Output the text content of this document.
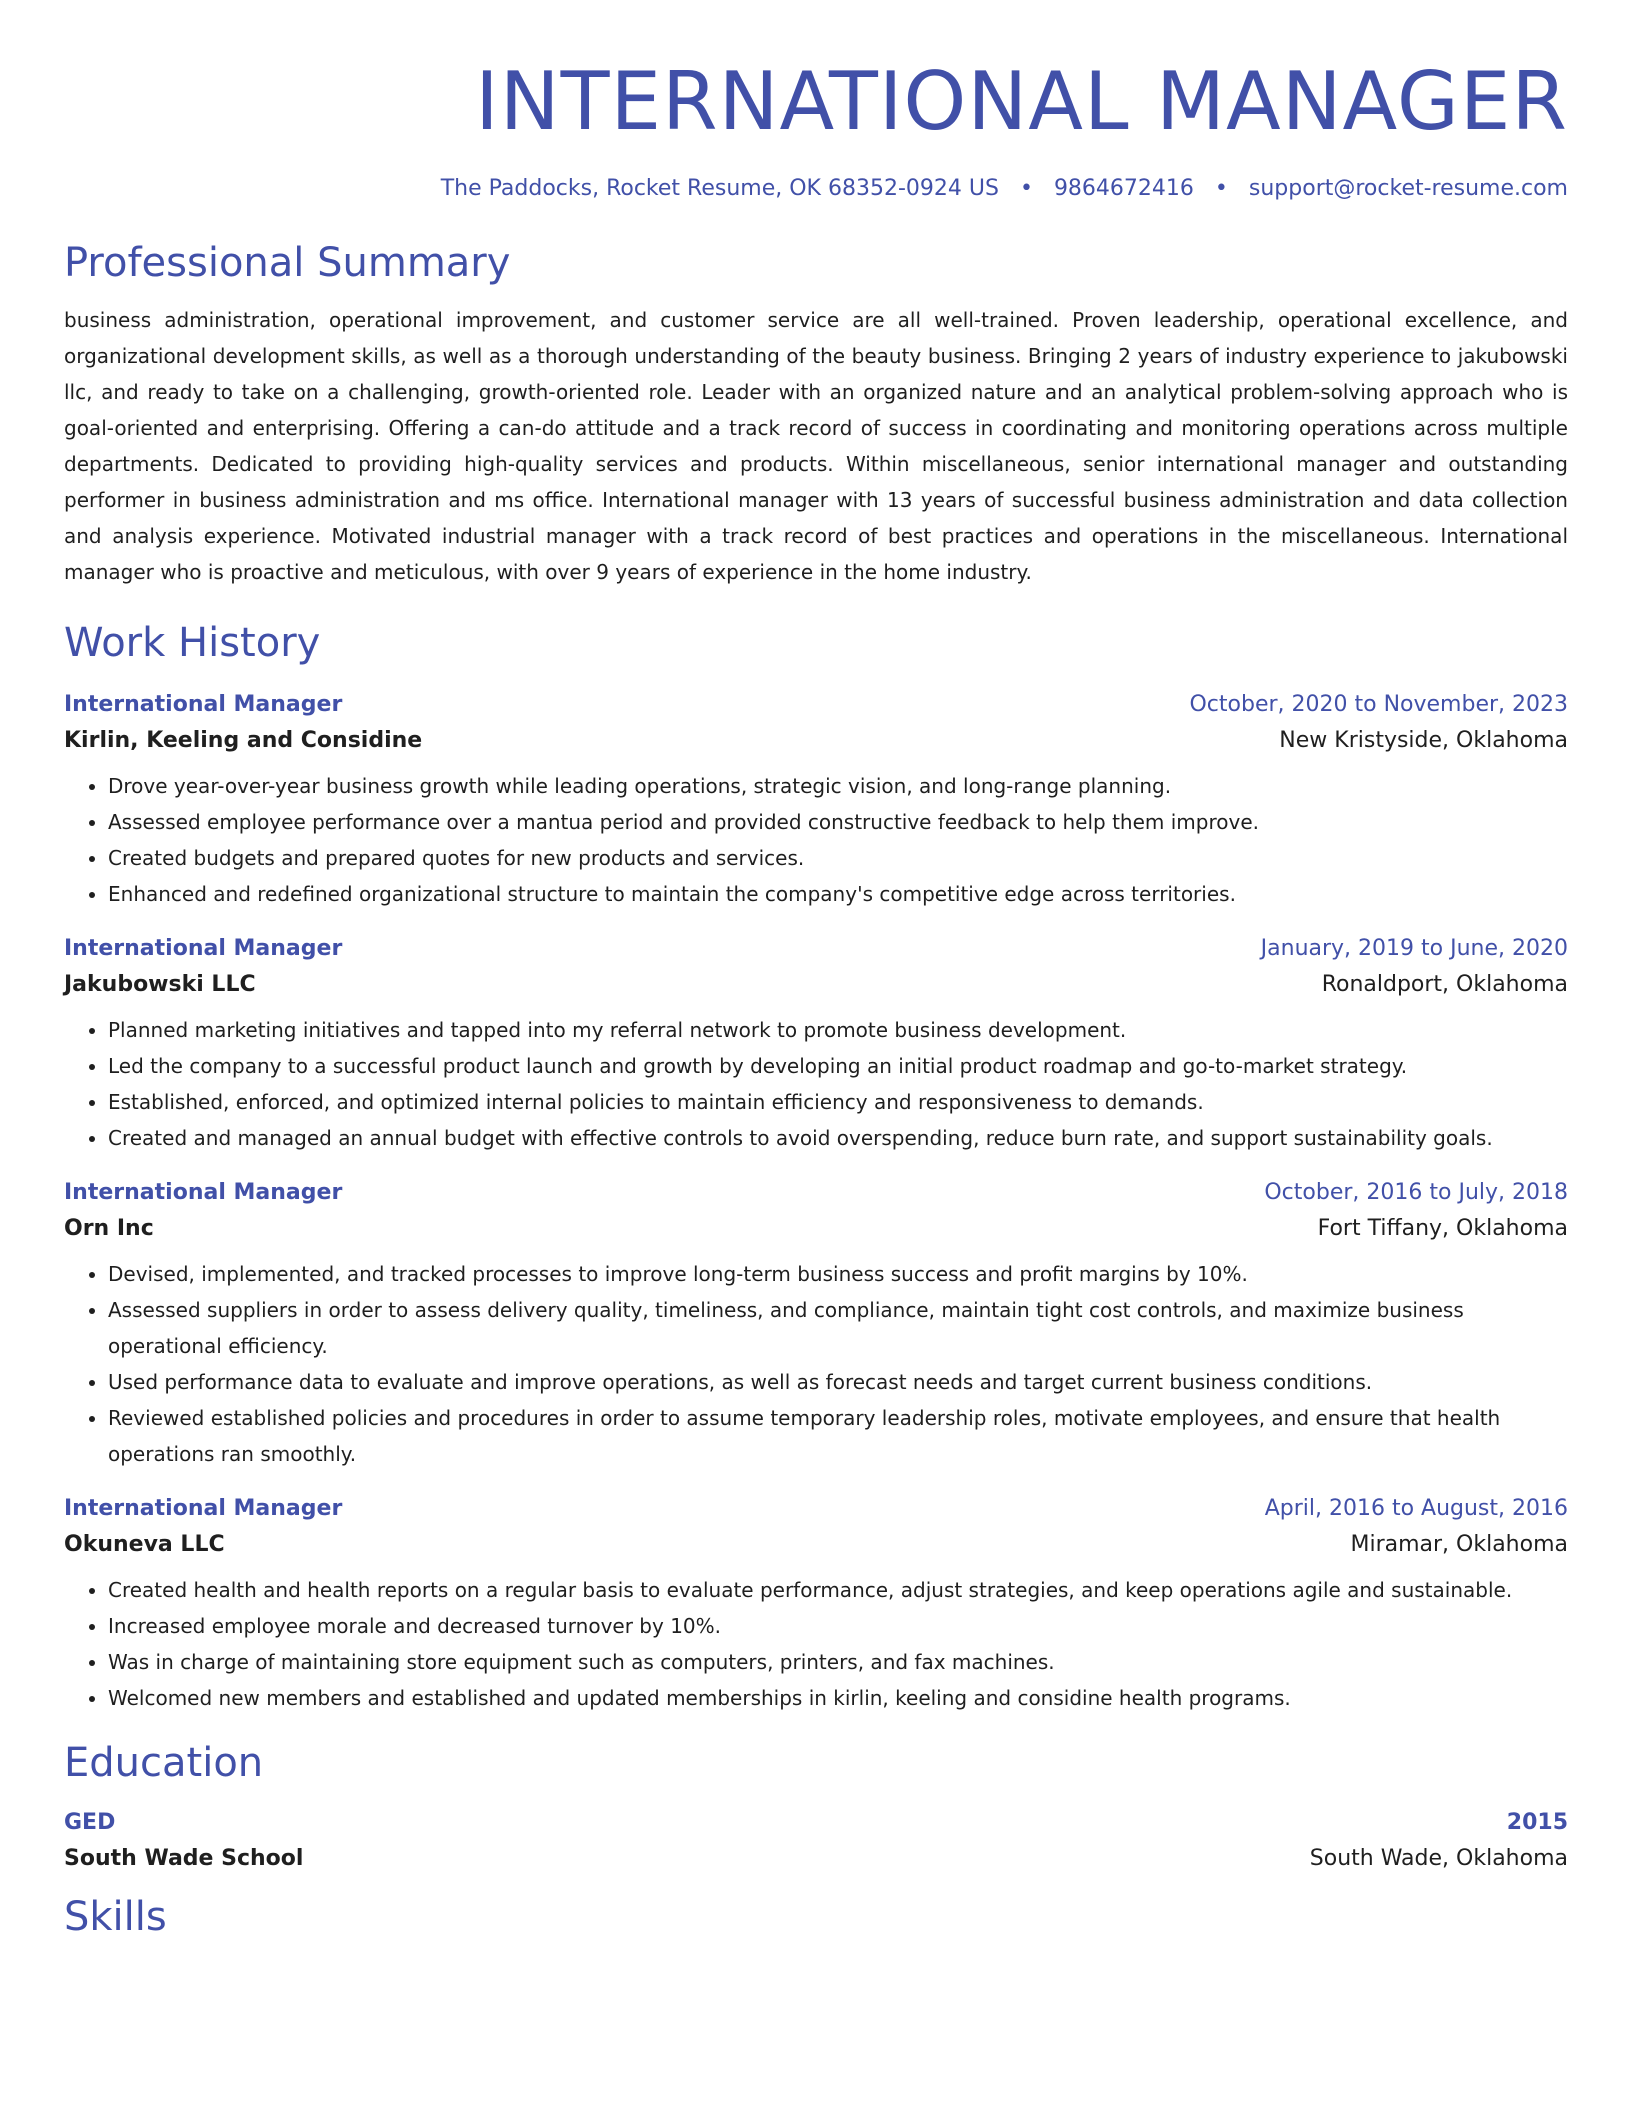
INTERNATIONAL MANAGER
The Paddocks, Rocket Resume, OK 68352-0924 US • 9864672416 • support@rocket-resume.com
Professional Summary

business administration, operational improvement, and customer service are all well-trained. Proven leadership, operational excellence, and organizational development skills, as well as a thorough understanding of the beauty business. Bringing 2 years of industry experience to jakubowski llc, and ready to take on a challenging, growth-oriented role. Leader with an organized nature and an analytical problem-solving approach who is goal-oriented and enterprising. Offering a can-do attitude and a track record of success in coordinating and monitoring operations across multiple departments. Dedicated to providing high-quality services and products. Within miscellaneous, senior international manager and outstanding performer in business administration and ms office. International manager with 13 years of successful business administration and data collection and analysis experience. Motivated industrial manager with a track record of best practices and operations in the miscellaneous. International manager who is proactive and meticulous, with over 9 years of experience in the home industry.

Work History
International Manager	October, 2020 to November, 2023
Kirlin, Keeling and Considine	New Kristyside, Oklahoma
• Drove year-over-year business growth while leading operations, strategic vision, and long-range planning.
• Assessed employee performance over a mantua period and provided constructive feedback to help them improve.
• Created budgets and prepared quotes for new products and services.
• Enhanced and redefined organizational structure to maintain the company's competitive edge across territories.
International Manager	January, 2019 to June, 2020
Jakubowski LLC	Ronaldport, Oklahoma
• Planned marketing initiatives and tapped into my referral network to promote business development.
• Led the company to a successful product launch and growth by developing an initial product roadmap and go-to-market strategy.
• Established, enforced, and optimized internal policies to maintain efficiency and responsiveness to demands.
• Created and managed an annual budget with effective controls to avoid overspending, reduce burn rate, and support sustainability goals.
International Manager	October, 2016 to July, 2018
Orn Inc	Fort Tiffany, Oklahoma
• Devised, implemented, and tracked processes to improve long-term business success and profit margins by 10%.
• Assessed suppliers in order to assess delivery quality, timeliness, and compliance, maintain tight cost controls, and maximize business operational efficiency.
• Used performance data to evaluate and improve operations, as well as forecast needs and target current business conditions.
• Reviewed established policies and procedures in order to assume temporary leadership roles, motivate employees, and ensure that health operations ran smoothly.
International Manager	April, 2016 to August, 2016
Okuneva LLC	Miramar, Oklahoma
• Created health and health reports on a regular basis to evaluate performance, adjust strategies, and keep operations agile and sustainable.
• Increased employee morale and decreased turnover by 10%.
• Was in charge of maintaining store equipment such as computers, printers, and fax machines.
• Welcomed new members and established and updated memberships in kirlin, keeling and considine health programs.
Education
GED	2015
South Wade School	South Wade, Oklahoma
Skills
